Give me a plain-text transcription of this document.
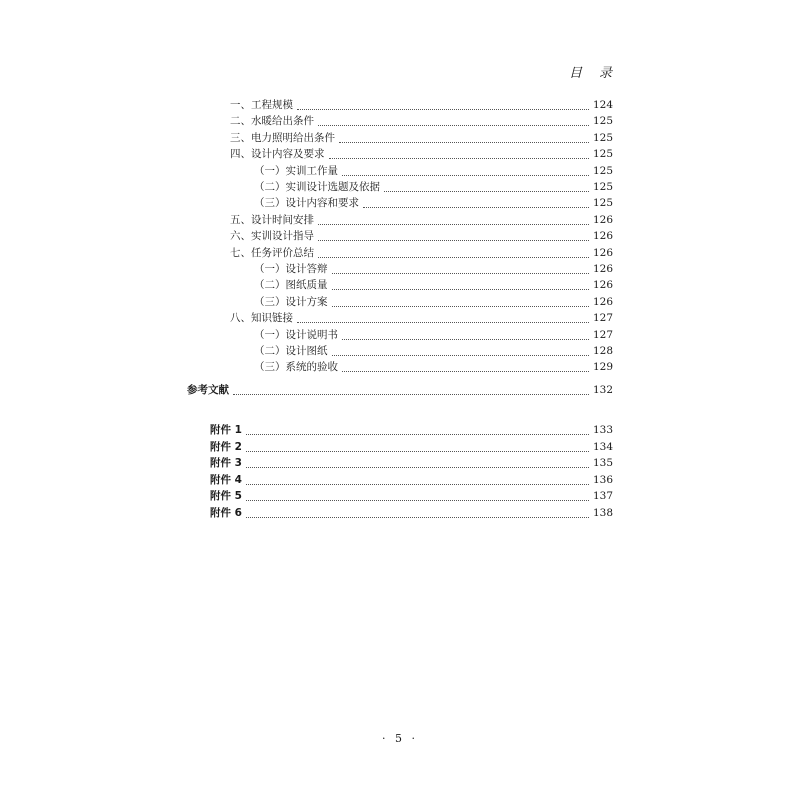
目　录
一、工程规模	124
二、水暖给出条件	125
三、电力照明给出条件	125
四、设计内容及要求	125
（一）实训工作量	125
（二）实训设计选题及依据	125
（三）设计内容和要求	125
五、设计时间安排	126
六、实训设计指导	126
七、任务评价总结	126
（一）设计答辩	126
（二）图纸质量	126
（三）设计方案	126
八、知识链接	127
（一）设计说明书	127
（二）设计图纸	128
（三）系统的验收	129
参考文献	132
附件 1	133
附件 2	134
附件 3	135
附件 4	136
附件 5	137
附件 6	138
· 5 ·
